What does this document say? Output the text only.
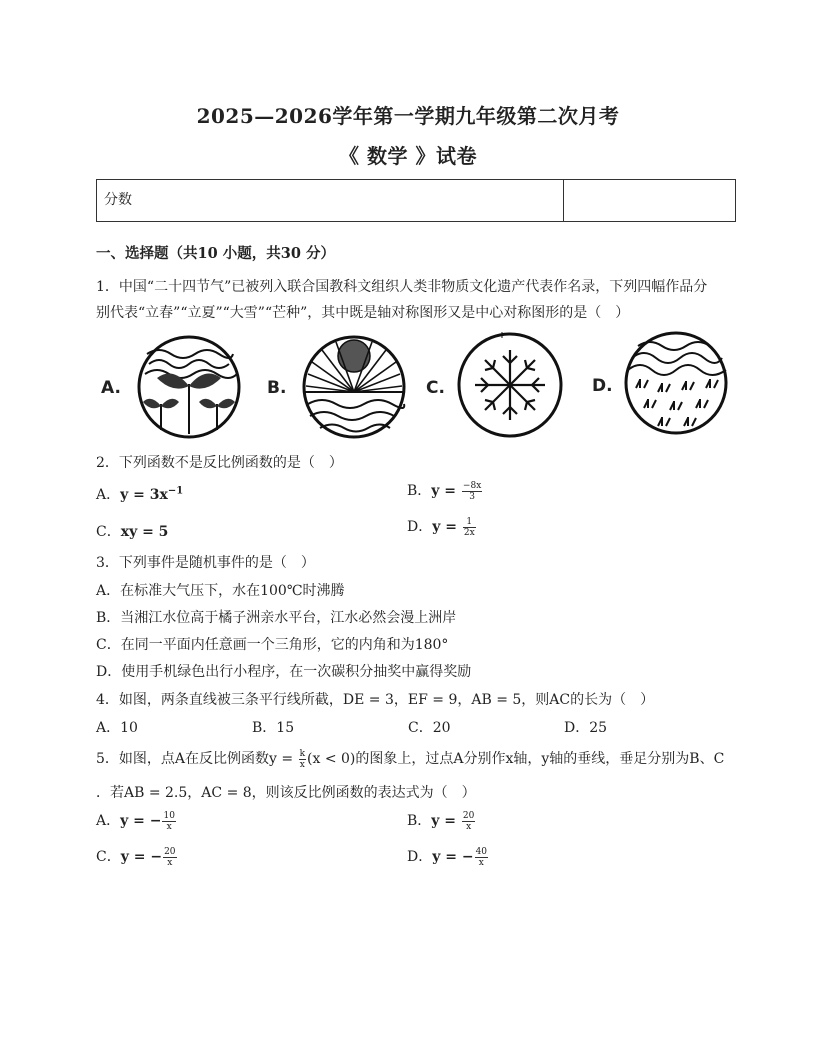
2025—2026学年第一学期九年级第二次月考
《 数学 》试卷
分数
一、选择题（共10 小题，共30 分）
1．中国“二十四节气”已被列入联合国教科文组织人类非物质文化遗产代表作名录，下列四幅作品分
别代表“立春”“立夏”“大雪”“芒种”，其中既是轴对称图形又是中心对称图形的是（　）
A.	B.	C.	D.
2．下列函数不是反比例函数的是（　）
A．$y = 3x^{-1}$	B．$y = \frac{-8x}{3}$
C．xy = 5	D．$y = \frac{1}{2x}$
3．下列事件是随机事件的是（　）
A．在标准大气压下，水在100℃时沸腾
B．当湘江水位高于橘子洲亲水平台，江水必然会漫上洲岸
C．在同一平面内任意画一个三角形，它的内角和为180°
D．使用手机绿色出行小程序，在一次碳积分抽奖中赢得奖励
4．如图，两条直线被三条平行线所截，DE = 3，EF = 9，AB = 5，则AC的长为（　）
A．10	B．15	C．20	D．25
5．如图，点A在反比例函数$y = \frac{k}{x} (x < 0)$的图象上，过点A分别作x轴，y轴的垂线，垂足分别为B、C
．若AB = 2.5，AC = 8，则该反比例函数的表达式为（　）
A．y = − $\frac{10}{x}$	B．$y = \frac{20}{x}$
C．y = − $\frac{20}{x}$	D．y = − $\frac{40}{x}$
